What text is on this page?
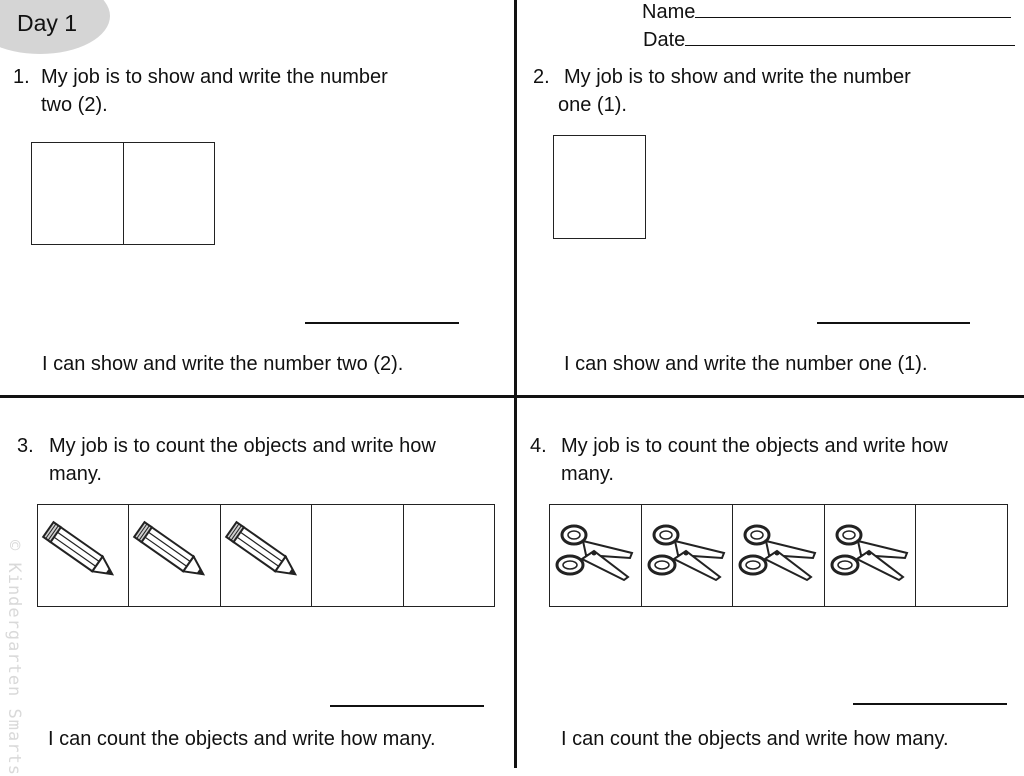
Day 1	Name
Date
1. My job is to show and write the number
two (2).
I can show and write the number two (2).
2. My job is to show and write the number
one (1).
I can show and write the number one (1).
3. My job is to count the objects and write how
many.
I can count the objects and write how many.
4. My job is to count the objects and write how
many.
I can count the objects and write how many.
© Kindergarten Smarts
